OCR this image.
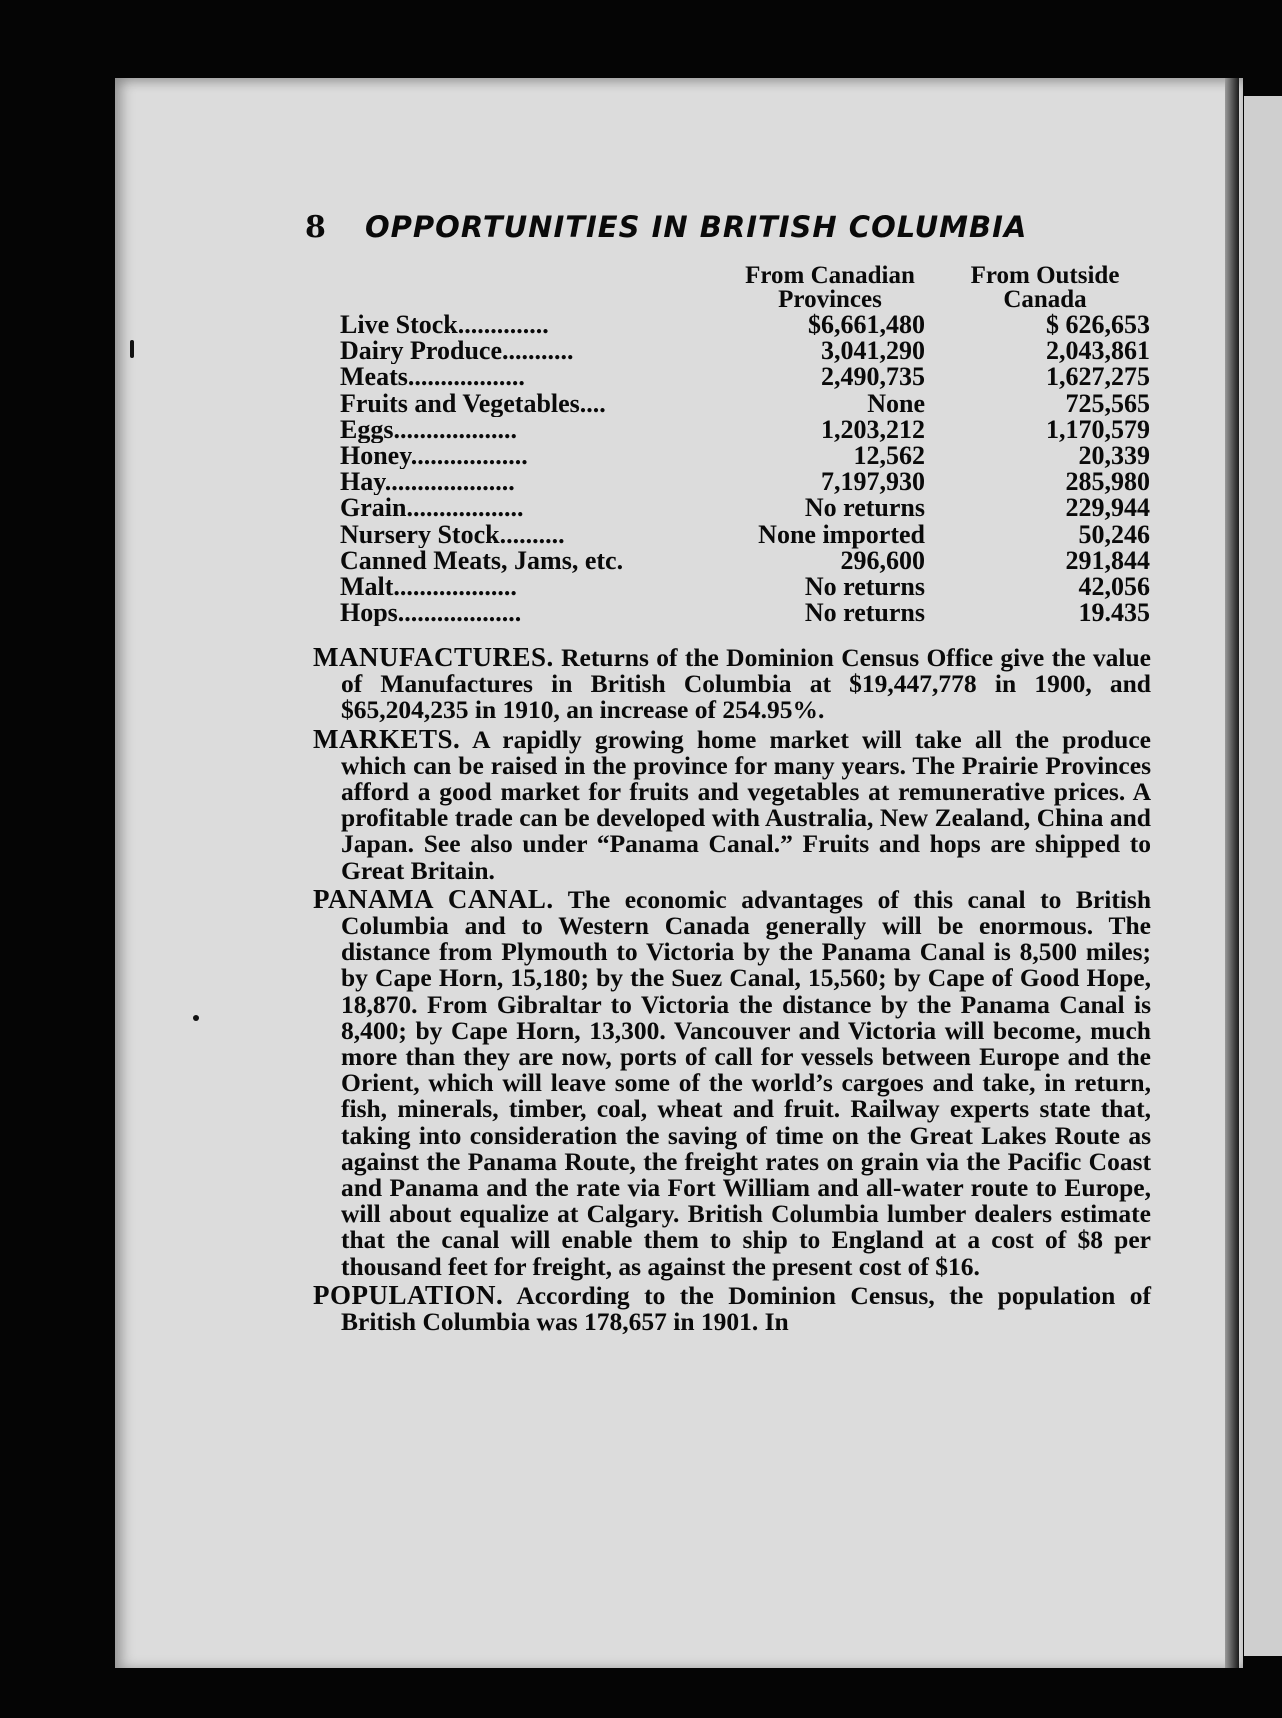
8	OPPORTUNITIES IN BRITISH COLUMBIA
From Canadian Provinces
From Outside Canada
Live Stock..............	$6,661,480	$ 626,653
Dairy Produce...........	3,041,290	2,043,861
Meats..................	2,490,735	1,627,275
Fruits and Vegetables....	None	725,565
Eggs...................	1,203,212	1,170,579
Honey..................	12,562	20,339
Hay....................	7,197,930	285,980
Grain..................	No returns	229,944
Nursery Stock..........	None imported	50,246
Canned Meats, Jams, etc.	296,600	291,844
Malt...................	No returns	42,056
Hops...................	No returns	19.435

MANUFACTURES. Returns of the Dominion Census Office give the value of Manufactures in British Columbia at $19,447,778 in 1900, and $65,204,235 in 1910, an increase of 254.95%.

MARKETS. A rapidly growing home market will take all the produce which can be raised in the province for many years. The Prairie Provinces afford a good market for fruits and vegetables at remunerative prices. A profitable trade can be developed with Australia, New Zealand, China and Japan. See also under “Panama Canal.” Fruits and hops are shipped to Great Britain.

PANAMA CANAL. The economic advantages of this canal to British Columbia and to Western Canada generally will be enormous. The distance from Plymouth to Victoria by the Panama Canal is 8,500 miles; by Cape Horn, 15,180; by the Suez Canal, 15,560; by Cape of Good Hope, 18,870. From Gibraltar to Victoria the distance by the Panama Canal is 8,400; by Cape Horn, 13,300. Vancouver and Victoria will become, much more than they are now, ports of call for vessels between Europe and the Orient, which will leave some of the world’s cargoes and take, in return, fish, minerals, timber, coal, wheat and fruit. Railway experts state that, taking into consideration the saving of time on the Great Lakes Route as against the Panama Route, the freight rates on grain via the Pacific Coast and Panama and the rate via Fort William and all-water route to Europe, will about equalize at Calgary. British Columbia lumber dealers estimate that the canal will enable them to ship to England at a cost of $8 per thousand feet for freight, as against the present cost of $16.

POPULATION. According to the Dominion Census, the population of British Columbia was 178,657 in 1901. In
